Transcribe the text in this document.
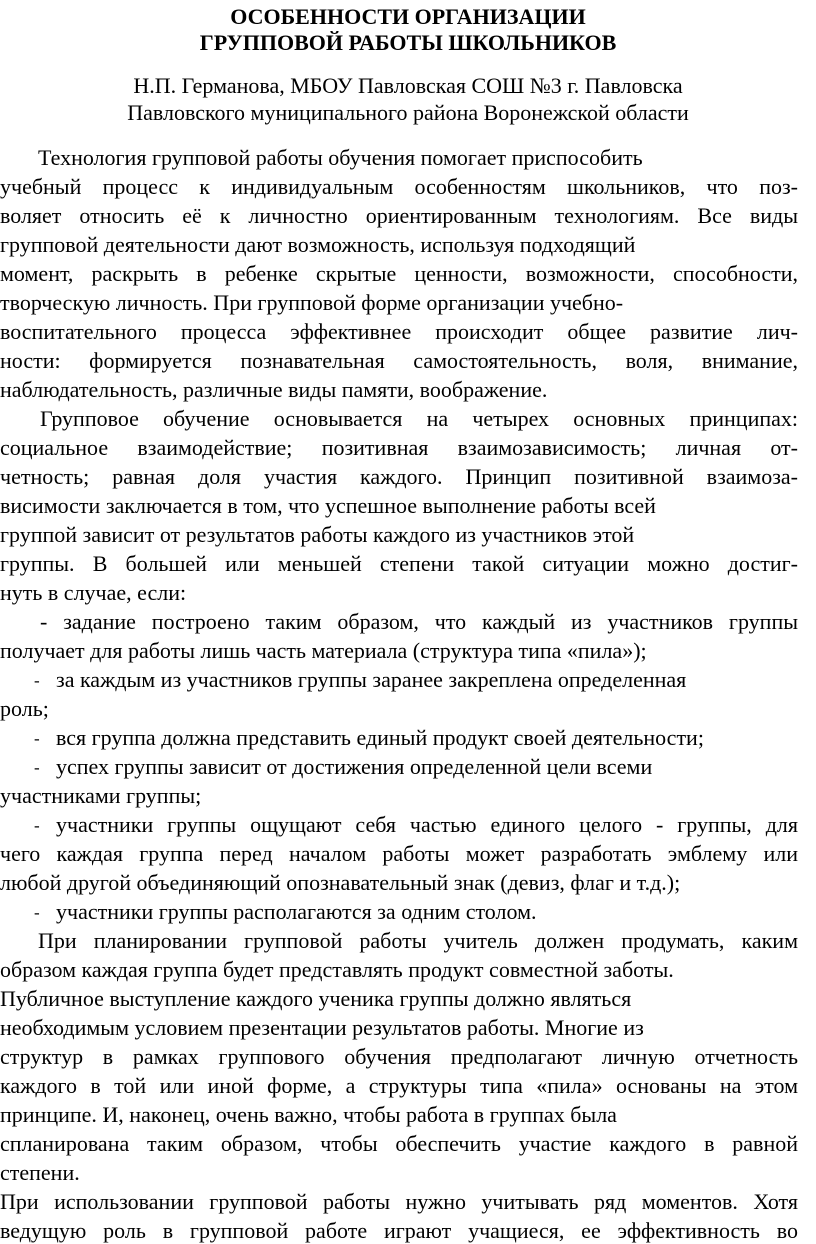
ОСОБЕННОСТИ ОРГАНИЗАЦИИ
ГРУППОВОЙ РАБОТЫ ШКОЛЬНИКОВ
Н.П. Германова, МБОУ Павловская СОШ №3 г. Павловска
Павловского муниципального района Воронежской области
Технология групповой работы обучения помогает приспособить
учебный процесс к индивидуальным особенностям школьников, что поз-
воляет относить её к личностно ориентированным технологиям. Все виды
групповой деятельности дают возможность, используя подходящий
момент, раскрыть в ребенке скрытые ценности, возможности, способности,
творческую личность. При групповой форме организации учебно-
воспитательного процесса эффективнее происходит общее развитие лич-
ности: формируется познавательная самостоятельность, воля, внимание,
наблюдательность, различные виды памяти, воображение.
Групповое обучение основывается на четырех основных принципах:
социальное взаимодействие; позитивная взаимозависимость; личная от-
четность; равная доля участия каждого. Принцип позитивной взаимоза-
висимости заключается в том, что успешное выполнение работы всей
группой зависит от результатов работы каждого из участников этой
группы. В большей или меньшей степени такой ситуации можно достиг-
нуть в случае, если:
- задание построено таким образом, что каждый из участников группы
получает для работы лишь часть материала (структура типа «пила»);
- за каждым из участников группы заранее закреплена определенная
роль;
- вся группа должна представить единый продукт своей деятельности;
- успех группы зависит от достижения определенной цели всеми
участниками группы;
- участники группы ощущают себя частью единого целого - группы, для
чего каждая группа перед началом работы может разработать эмблему или
любой другой объединяющий опознавательный знак (девиз, флаг и т.д.);
- участники группы располагаются за одним столом.
При планировании групповой работы учитель должен продумать, каким
образом каждая группа будет представлять продукт совместной заботы.
Публичное выступление каждого ученика группы должно являться
необходимым условием презентации результатов работы. Многие из
структур в рамках группового обучения предполагают личную отчетность
каждого в той или иной форме, а структуры типа «пила» основаны на этом
принципе. И, наконец, очень важно, чтобы работа в группах была
спланирована таким образом, чтобы обеспечить участие каждого в равной
степени.
При использовании групповой работы нужно учитывать ряд моментов. Хотя
ведущую роль в групповой работе играют учащиеся, ее эффективность во
